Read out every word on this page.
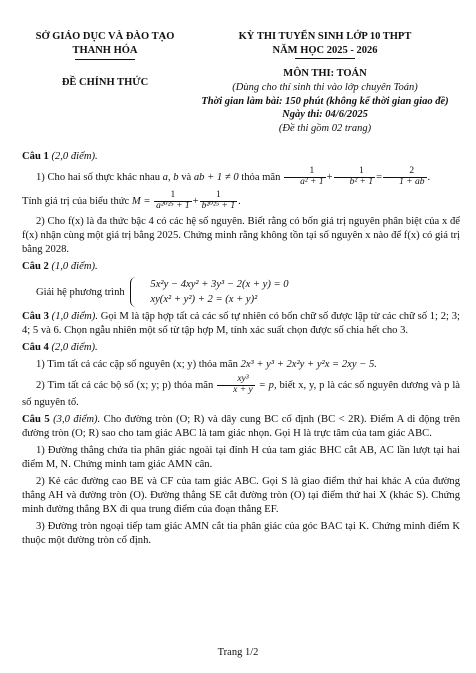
SỞ GIÁO DỤC VÀ ĐÀO TẠO
THANH HÓA
ĐỀ CHÍNH THỨC
KỲ THI TUYỂN SINH LỚP 10 THPT
NĂM HỌC 2025 - 2026
MÔN THI: TOÁN
(Dùng cho thí sinh thi vào lớp chuyên Toán)
Thời gian làm bài: 150 phút (không kể thời gian giao đề)
Ngày thi: 04/6/2025
(Đề thi gồm 02 trang)

Câu 1 (2,0 điểm).

1) Cho hai số thực khác nhau a, b và ab + 1 ≠ 0 thỏa mãn $\frac{1}{\text{a² + 1}} + \frac{1}{\text{b² + 1}} = \frac{2}{1 + ab}$ .

Tính giá trị của biểu thức $M = \frac{1}{\text{a²⁰²⁵ + 1}} + \frac{1}{\text{b²⁰²⁵ + 1}}$ .

2) Cho f(x) là đa thức bậc 4 có các hệ số nguyên. Biết rằng có bốn giá trị nguyên phân biệt của x để f(x) nhận cùng một giá trị bằng 2025. Chứng minh rằng không tồn tại số nguyên x nào để f(x) có giá trị bằng 2028.

Câu 2 (1,0 điểm).

Giải hệ phương trình
5x²y − 4xy² + 3y³ − 2(x + y) = 0
xy(x² + y²) + 2 = (x + y)²

Câu 3 (1,0 điểm). Gọi M là tập hợp tất cả các số tự nhiên có bốn chữ số được lập từ các chữ số 1; 2; 3; 4; 5 và 6. Chọn ngẫu nhiên một số từ tập hợp M, tính xác suất chọn được số chia hết cho 3.

Câu 4 (2,0 điểm).

1) Tìm tất cả các cặp số nguyên (x; y) thỏa mãn 2x³ + y³ + 2x²y + y²x = 2xy − 5.

2) Tìm tất cả các bộ số (x; y; p) thỏa mãn $\frac{\text{xy³}}{x + y} = p$, biết x, y, p là các số nguyên dương và p là số nguyên tố.

Câu 5 (3,0 điểm). Cho đường tròn (O; R) và dây cung BC cố định (BC < 2R). Điểm A di động trên đường tròn (O; R) sao cho tam giác ABC là tam giác nhọn. Gọi H là trực tâm của tam giác ABC.

1) Đường thẳng chứa tia phân giác ngoài tại đỉnh H của tam giác BHC cắt AB, AC lần lượt tại hai điểm M, N. Chứng minh tam giác AMN cân.

2) Kẻ các đường cao BE và CF của tam giác ABC. Gọi S là giao điểm thứ hai khác A của đường thẳng AH và đường tròn (O). Đường thẳng SE cắt đường tròn (O) tại điểm thứ hai X (khác S). Chứng minh đường thẳng BX đi qua trung điểm của đoạn thẳng EF.

3) Đường tròn ngoại tiếp tam giác AMN cắt tia phân giác của góc BAC tại K. Chứng minh điểm K thuộc một đường tròn cố định.

Trang 1/2
